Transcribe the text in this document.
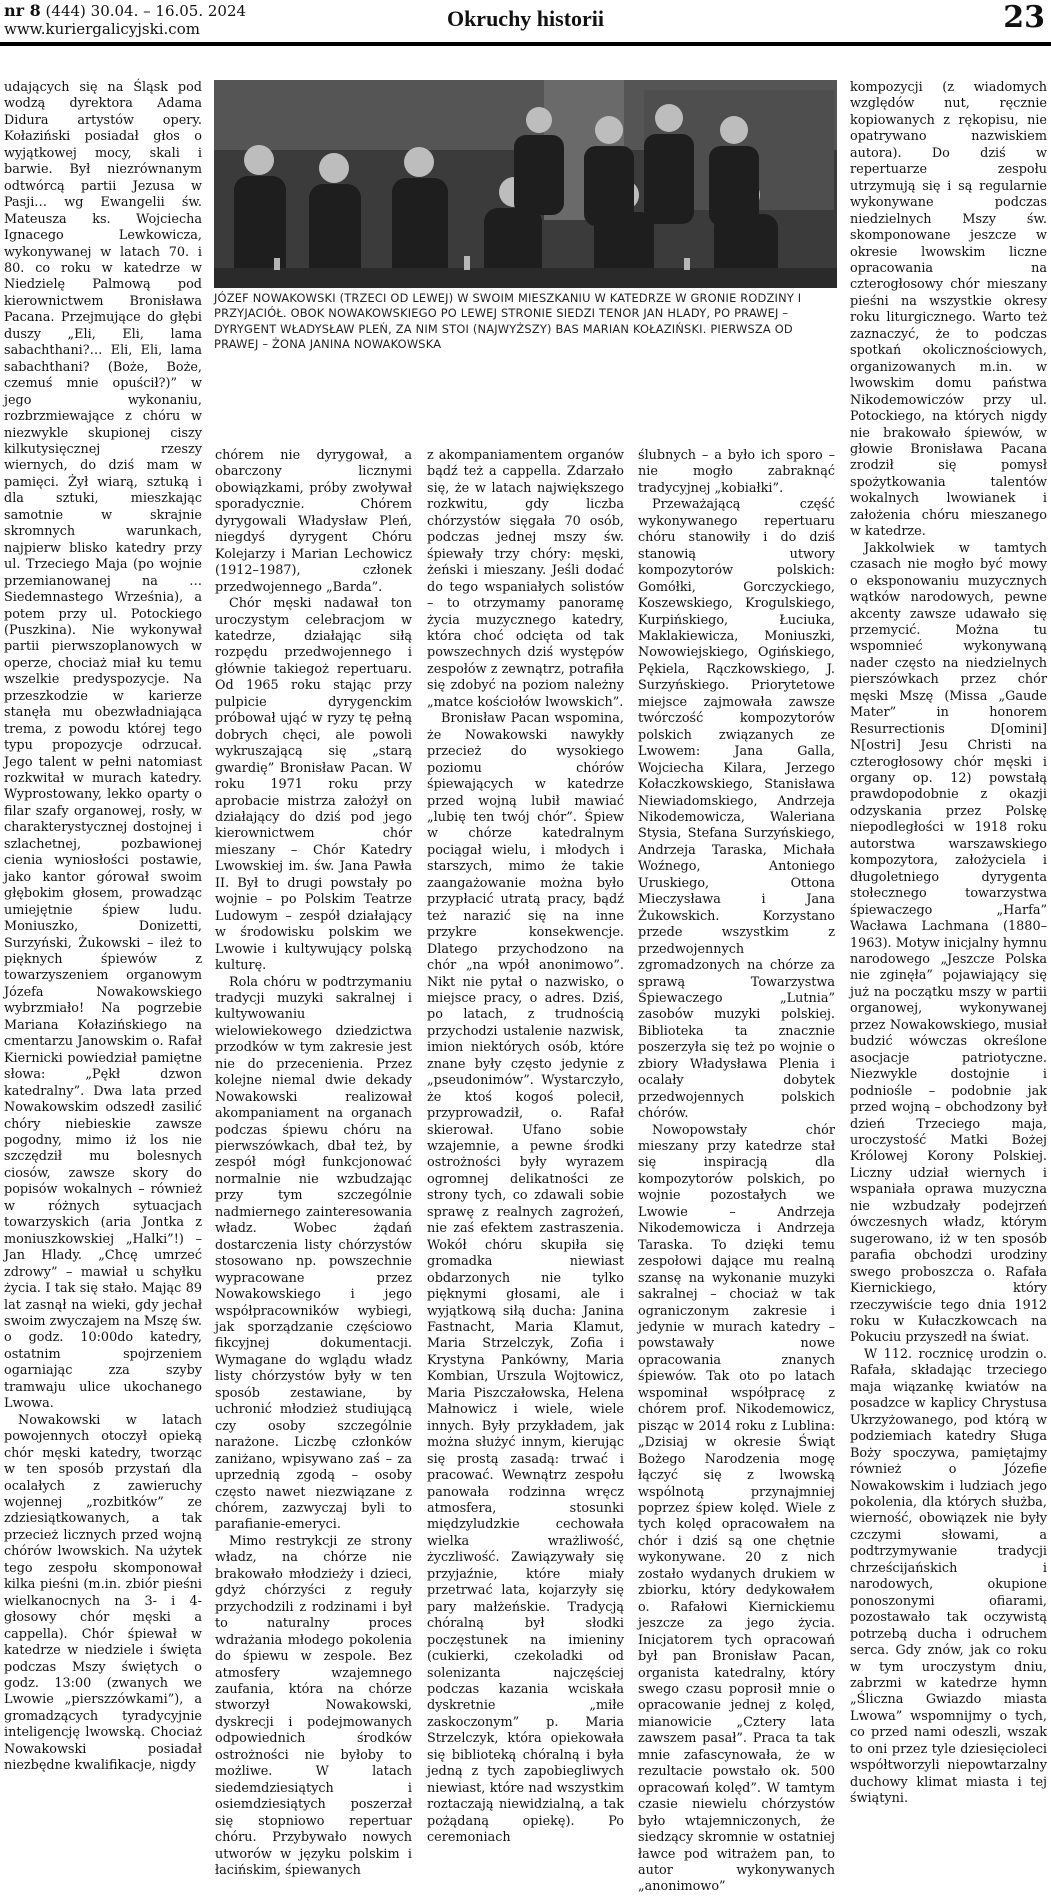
nr 8 (444) 30.04. – 16.05. 2024
www.kuriergalicyjski.com	Okruchy historii	23

udających się na Śląsk pod wodzą dyrektora Adama Didura artystów opery. Kołaziński posiadał głos o wyjątkowej mocy, skali i barwie. Był niezrównanym odtwórcą partii Jezusa w Pasji… wg Ewangelii św. Mateusza ks. Wojciecha Ignacego Lewkowicza, wykonywanej w latach 70. i 80. co roku w katedrze w Niedzielę Palmową pod kierownictwem Bronisława Pacana. Przejmujące do głębi duszy „Eli, Eli, lama sabachthani?… Eli, Eli, lama sabachthani? (Boże, Boże, czemuś mnie opuścił?)” w jego wykonaniu, rozbrzmiewające z chóru w niezwykle skupionej ciszy kilkutysięcznej rzeszy wiernych, do dziś mam w pamięci. Żył wiarą, sztuką i dla sztuki, mieszkając samotnie w skrajnie skromnych warunkach, najpierw blisko katedry przy ul. Trzeciego Maja (po wojnie przemianowanej na … Siedemnastego Września), a potem przy ul. Potockiego (Puszkina). Nie wykonywał partii pierwszoplanowych w operze, chociaż miał ku temu wszelkie predyspozycje. Na przeszkodzie w karierze stanęła mu obezwładniająca trema, z powodu której tego typu propozycje odrzucał. Jego talent w pełni natomiast rozkwitał w murach katedry. Wyprostowany, lekko oparty o filar szafy organowej, rosły, w charakterystycznej dostojnej i szlachetnej, pozbawionej cienia wyniosłości postawie, jako kantor górował swoim głębokim głosem, prowadząc umiejętnie śpiew ludu. Moniuszko, Donizetti, Surzyński, Żukowski – ileż to pięknych śpiewów z towarzyszeniem organowym Józefa Nowakowskiego wybrzmiało! Na pogrzebie Mariana Kołazińskiego na cmentarzu Janowskim o. Rafał Kiernicki powiedział pamiętne słowa: „Pękł dzwon katedralny”. Dwa lata przed Nowakowskim odszedł zasilić chóry niebieskie zawsze pogodny, mimo iż los nie szczędził mu bolesnych ciosów, zawsze skory do popisów wokalnych – również w różnych sytuacjach towarzyskich (aria Jontka z moniuszkowskiej „Halki”!) – Jan Hlady. „Chcę umrzeć zdrowy” – mawiał u schyłku życia. I tak się stało. Mając 89 lat zasnął na wieki, gdy jechał swoim zwyczajem na Mszę św. o godz. 10:00do katedry, ostatnim spojrzeniem ogarniając zza szyby tramwaju ulice ukochanego Lwowa.

Nowakowski w latach powojennych otoczył opieką chór męski katedry, tworząc w ten sposób przystań dla ocalałych z zawieruchy wojennej „rozbitków” ze zdziesiątkowanych, a tak przecież licznych przed wojną chórów lwowskich. Na użytek tego zespołu skomponował kilka pieśni (m.in. zbiór pieśni wielkanocnych na 3- i 4-głosowy chór męski a cappella). Chór śpiewał w katedrze w niedziele i święta podczas Mszy świętych o godz. 13:00 (zwanych we Lwowie „pierszzówkami”), a gromadzących tyradycyjnie inteligencję lwowską. Chociaż Nowakowski posiadał niezbędne kwalifikacje, nigdy

JÓZEF NOWAKOWSKI (TRZECI OD LEWEJ) W SWOIM MIESZKANIU W KATEDRZE W GRONIE RODZINY I PRZYJACIÓŁ. OBOK NOWAKOWSKIEGO PO LEWEJ STRONIE SIEDZI TENOR JAN HLADY, PO PRAWEJ – DYRYGENT WŁADYSŁAW PLEŃ, ZA NIM STOI (NAJWYŻSZY) BAS MARIAN KOŁAZIŃSKI. PIERWSZA OD PRAWEJ – ŻONA JANINA NOWAKOWSKA

chórem nie dyrygował, a obarczony licznymi obowiązkami, próby zwoływał sporadycznie. Chórem dyrygowali Władysław Pleń, niegdyś dyrygent Chóru Kolejarzy i Marian Lechowicz (1912–1987), członek przedwojennego „Barda”.

Chór męski nadawał ton uroczystym celebracjom w katedrze, działając siłą rozpędu przedwojennego i głównie takiegoż repertuaru. Od 1965 roku stając przy pulpicie dyrygenckim próbował ująć w ryzy tę pełną dobrych chęci, ale powoli wykruszającą się „starą gwardię” Bronisław Pacan. W roku 1971 roku przy aprobacie mistrza założył on działający do dziś pod jego kierownictwem chór mieszany – Chór Katedry Lwowskiej im. św. Jana Pawła II. Był to drugi powstały po wojnie – po Polskim Teatrze Ludowym – zespół działający w środowisku polskim we Lwowie i kultywujący polską kulturę.

Rola chóru w podtrzymaniu tradycji muzyki sakralnej i kultywowaniu wielowiekowego dziedzictwa przodków w tym zakresie jest nie do przecenienia. Przez kolejne niemal dwie dekady Nowakowski realizował akompaniament na organach podczas śpiewu chóru na pierwszówkach, dbał też, by zespół mógł funkcjonować normalnie nie wzbudzając przy tym szczególnie nadmiernego zainteresowania władz. Wobec żądań dostarczenia listy chórzystów stosowano np. powszechnie wypracowane przez Nowakowskiego i jego współpracowników wybiegi, jak sporządzanie częściowo fikcyjnej dokumentacji. Wymagane do wglądu władz listy chórzystów były w ten sposób zestawiane, by uchronić młodzież studiującą czy osoby szczególnie narażone. Liczbę członków zaniżano, wpisywano zaś – za uprzednią zgodą – osoby często nawet niezwiązane z chórem, zazwyczaj byli to parafianie-emeryci.

Mimo restrykcji ze strony władz, na chórze nie brakowało młodzieży i dzieci, gdyż chórzyści z reguły przychodzili z rodzinami i był to naturalny proces wdrażania młodego pokolenia do śpiewu w zespole. Bez atmosfery wzajemnego zaufania, która na chórze stworzył Nowakowski, dyskrecji i podejmowanych odpowiednich środków ostrożności nie byłoby to możliwe. W latach siedemdziesiątych i osiemdziesiątych poszerzał się stopniowo repertuar chóru. Przybywało nowych utworów w języku polskim i łacińskim, śpiewanych

z akompaniamentem organów bądź też a cappella. Zdarzało się, że w latach największego rozkwitu, gdy liczba chórzystów sięgała 70 osób, podczas jednej mszy św. śpiewały trzy chóry: męski, żeński i mieszany. Jeśli dodać do tego wspaniałych solistów – to otrzymamy panoramę życia muzycznego katedry, która choć odcięta od tak powszechnych dziś występów zespołów z zewnątrz, potrafiła się zdobyć na poziom należny „matce kościołów lwowskich”.

Bronisław Pacan wspomina, że Nowakowski nawykły przecież do wysokiego poziomu chórów śpiewających w katedrze przed wojną lubił mawiać „lubię ten twój chór”. Śpiew w chórze katedralnym pociągał wielu, i młodych i starszych, mimo że takie zaangażowanie można było przypłacić utratą pracy, bądź też narazić się na inne przykre konsekwencje. Dlatego przychodzono na chór „na wpół anonimowo”. Nikt nie pytał o nazwisko, o miejsce pracy, o adres. Dziś, po latach, z trudnością przychodzi ustalenie nazwisk, imion niektórych osób, które znane były często jedynie z „pseudonimów”. Wystarczyło, że ktoś kogoś polecił, przyprowadził, o. Rafał skierował. Ufano sobie wzajemnie, a pewne środki ostrożności były wyrazem ogromnej delikatności ze strony tych, co zdawali sobie sprawę z realnych zagrożeń, nie zaś efektem zastraszenia. Wokół chóru skupiła się gromadka niewiast obdarzonych nie tylko pięknymi głosami, ale i wyjątkową siłą ducha: Janina Fastnacht, Maria Klamut, Maria Strzelczyk, Zofia i Krystyna Pankówny, Maria Kombian, Urszula Wojtowicz, Maria Piszczałowska, Helena Małnowicz i wiele, wiele innych. Były przykładem, jak można służyć innym, kierując się prostą zasadą: trwać i pracować. Wewnątrz zespołu panowała rodzinna wręcz atmosfera, stosunki międzyludzkie cechowała wielka wrażliwość, życzliwość. Zawiązywały się przyjaźnie, które miały przetrwać lata, kojarzyły się pary małżeńskie. Tradycją chóralną był słodki poczęstunek na imieniny (cukierki, czekoladki od solenizanta najczęściej podczas kazania wciskała dyskretnie „miłe zaskoczonym” p. Maria Strzelczyk, która opiekowała się biblioteką chóralną i była jedną z tych zapobiegliwych niewiast, które nad wszystkim roztaczają niewidzialną, a tak pożądaną opiekę). Po ceremoniach

ślubnych – a było ich sporo – nie mogło zabraknąć tradycyjnej „kobiałki”.

Przeważającą część wykonywanego repertuaru chóru stanowiły i do dziś stanowią utwory kompozytorów polskich: Gomółki, Gorczyckiego, Koszewskiego, Krogulskiego, Kurpińskiego, Łuciuka, Maklakiewicza, Moniuszki, Nowowiejskiego, Ogińskiego, Pękiela, Rączkowskiego, J. Surzyńskiego. Priorytetowe miejsce zajmowała zawsze twórczość kompozytorów polskich związanych ze Lwowem: Jana Galla, Wojciecha Kilara, Jerzego Kołaczkowskiego, Stanisława Niewiadomskiego, Andrzeja Nikodemowicza, Waleriana Stysia, Stefana Surzyńskiego, Andrzeja Taraska, Michała Woźnego, Antoniego Uruskiego, Ottona Mieczysława i Jana Żukowskich. Korzystano przede wszystkim z przedwojennych zgromadzonych na chórze za sprawą Towarzystwa Śpiewaczego „Lutnia” zasobów muzyki polskiej. Biblioteka ta znacznie poszerzyła się też po wojnie o zbiory Władysława Plenia i ocalały dobytek przedwojennych polskich chórów.

Nowopowstały chór mieszany przy katedrze stał się inspiracją dla kompozytorów polskich, po wojnie pozostałych we Lwowie – Andrzeja Nikodemowicza i Andrzeja Taraska. To dzięki temu zespołowi dające mu realną szansę na wykonanie muzyki sakralnej – chociaż w tak ograniczonym zakresie i jedynie w murach katedry – powstawały nowe opracowania znanych śpiewów. Tak oto po latach wspominał współpracę z chórem prof. Nikodemowicz, pisząc w 2014 roku z Lublina: „Dzisiaj w okresie Świąt Bożego Narodzenia mogę łączyć się z lwowską wspólnotą przynajmniej poprzez śpiew kolęd. Wiele z tych kolęd opracowałem na chór i dziś są one chętnie wykonywane. 20 z nich zostało wydanych drukiem w zbiorku, który dedykowałem o. Rafałowi Kiernickiemu jeszcze za jego życia. Inicjatorem tych opracowań był pan Bronisław Pacan, organista katedralny, który swego czasu poprosił mnie o opracowanie jednej z kolęd, mianowicie „Cztery lata zawszem pasał”. Praca ta tak mnie zafascynowała, że w rezultacie powstało ok. 500 opracowań kolęd”. W tamtym czasie niewielu chórzystów było wtajemniczonych, że siedzący skromnie w ostatniej ławce pod witrażem pan, to autor wykonywanych „anonimowo”

kompozycji (z wiadomych względów nut, ręcznie kopiowanych z rękopisu, nie opatrywano nazwiskiem autora). Do dziś w repertuarze zespołu utrzymują się i są regularnie wykonywane podczas niedzielnych Mszy św. skomponowane jeszcze w okresie lwowskim liczne opracowania na czterogłosowy chór mieszany pieśni na wszystkie okresy roku liturgicznego. Warto też zaznaczyć, że to podczas spotkań okolicznościowych, organizowanych m.in. w lwowskim domu państwa Nikodemowiczów przy ul. Potockiego, na których nigdy nie brakowało śpiewów, w głowie Bronisława Pacana zrodził się pomysł spożytkowania talentów wokalnych lwowianek i założenia chóru mieszanego w katedrze.

Jakkolwiek w tamtych czasach nie mogło być mowy o eksponowaniu muzycznych wątków narodowych, pewne akcenty zawsze udawało się przemycić. Można tu wspomnieć wykonywaną nader często na niedzielnych pierszówkach przez chór męski Mszę (Missa „Gaude Mater” in honorem Resurrectionis D[omini] N[ostri] Jesu Christi na czterogłosowy chór męski i organy op. 12) powstałą prawdopodobnie z okazji odzyskania przez Polskę niepodległości w 1918 roku autorstwa warszawskiego kompozytora, założyciela i długoletniego dyrygenta stołecznego towarzystwa śpiewaczego „Harfa” Wacława Lachmana (1880–1963). Motyw inicjalny hymnu narodowego „Jeszcze Polska nie zginęła” pojawiający się już na początku mszy w partii organowej, wykonywanej przez Nowakowskiego, musiał budzić wówczas określone asocjacje patriotyczne. Niezwykle dostojnie i podniośle – podobnie jak przed wojną – obchodzony był dzień Trzeciego maja, uroczystość Matki Bożej Królowej Korony Polskiej. Liczny udział wiernych i wspaniała oprawa muzyczna nie wzbudzały podejrzeń ówczesnych władz, którym sugerowano, iż w ten sposób parafia obchodzi urodziny swego proboszcza o. Rafała Kiernickiego, który rzeczywiście tego dnia 1912 roku w Kułaczkowcach na Pokuciu przyszedł na świat.

W 112. rocznicę urodzin o. Rafała, składając trzeciego maja wiązankę kwiatów na posadzce w kaplicy Chrystusa Ukrzyżowanego, pod którą w podziemiach katedry Sługa Boży spoczywa, pamiętajmy również o Józefie Nowakowskim i ludziach jego pokolenia, dla których służba, wierność, obowiązek nie były czczymi słowami, a podtrzymywanie tradycji chrześcijańskich i narodowych, okupione ponoszonymi ofiarami, pozostawało tak oczywistą potrzebą ducha i odruchem serca. Gdy znów, jak co roku w tym uroczystym dniu, zabrzmi w katedrze hymn „Śliczna Gwiazdo miasta Lwowa” wspomnijmy o tych, co przed nami odeszli, wszak to oni przez tyle dziesięcioleci współtworzyli niepowtarzalny duchowy klimat miasta i tej świątyni.
